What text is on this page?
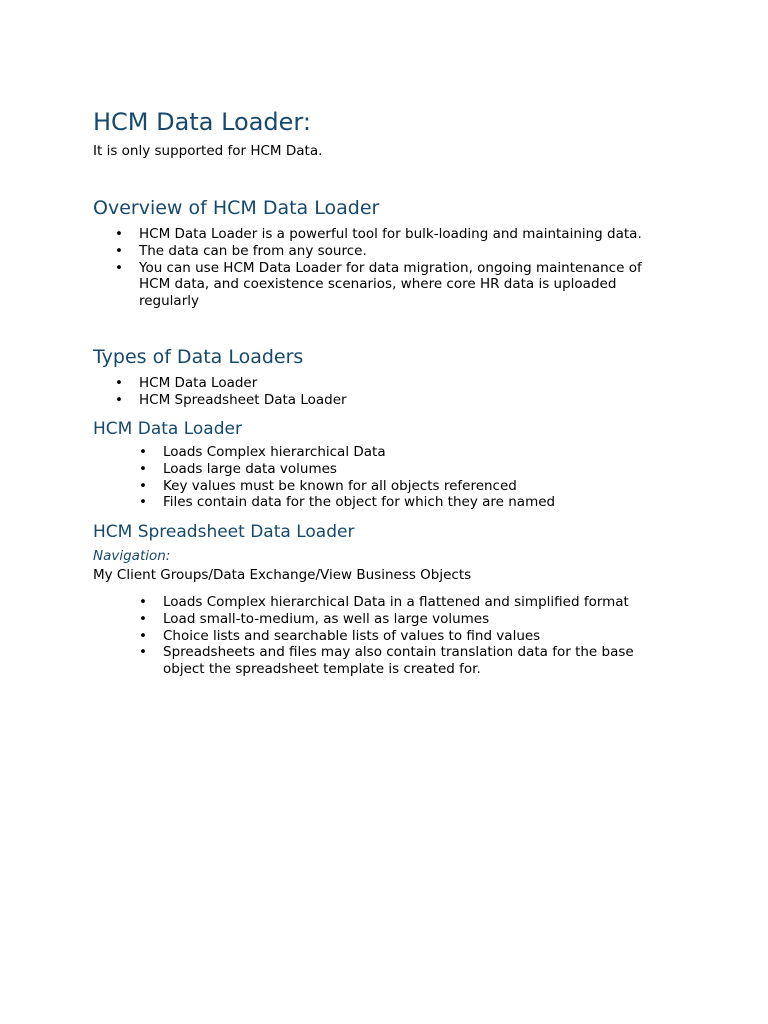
HCM Data Loader:

It is only supported for HCM Data.

Overview of HCM Data Loader
• HCM Data Loader is a powerful tool for bulk-loading and maintaining data.
• The data can be from any source.
• You can use HCM Data Loader for data migration, ongoing maintenance of HCM data, and coexistence scenarios, where core HR data is uploaded regularly
Types of Data Loaders
• HCM Data Loader
• HCM Spreadsheet Data Loader
HCM Data Loader
• Loads Complex hierarchical Data
• Loads large data volumes
• Key values must be known for all objects referenced
• Files contain data for the object for which they are named
HCM Spreadsheet Data Loader

Navigation:

My Client Groups/Data Exchange/View Business Objects

• Loads Complex hierarchical Data in a flattened and simplified format
• Load small-to-medium, as well as large volumes
• Choice lists and searchable lists of values to find values
• Spreadsheets and files may also contain translation data for the base object the spreadsheet template is created for.
